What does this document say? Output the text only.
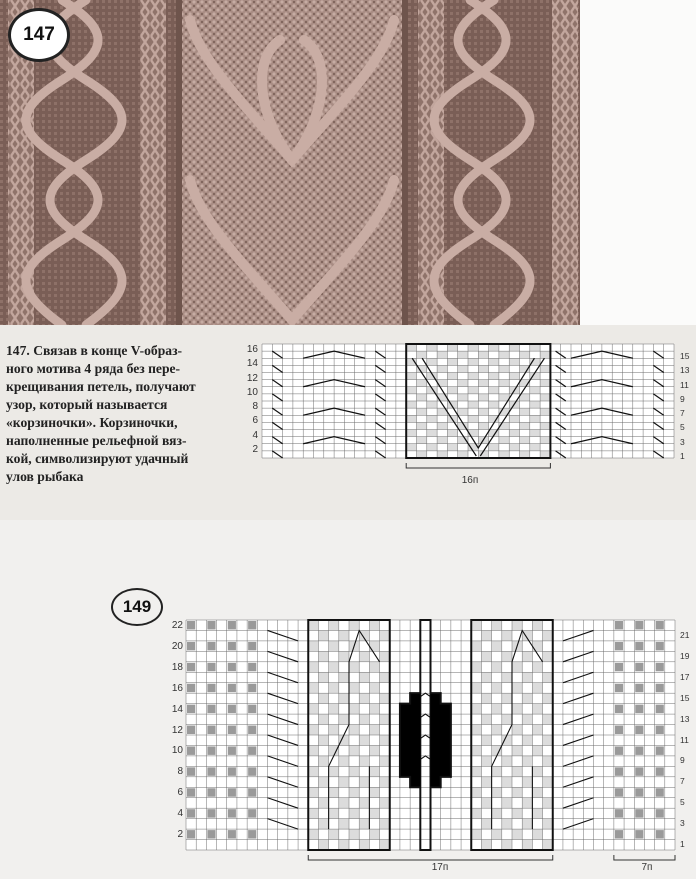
147
147. Связав в конце V-образ-
ного мотива 4 ряда без пере-
крещивания петель, получают
узор, который называется
«корзиночки». Корзиночки,
наполненные рельефной вяз-
кой, символизируют удачный
улов рыбака	16п
149
17п	7п
16
14
12
10
8
6
4
2
15
13
11
9
7
5
3
1
22
20
18
16
14
12
10
8
6
4
2
21
19
17
15
13
11
9
7
5
3
1
